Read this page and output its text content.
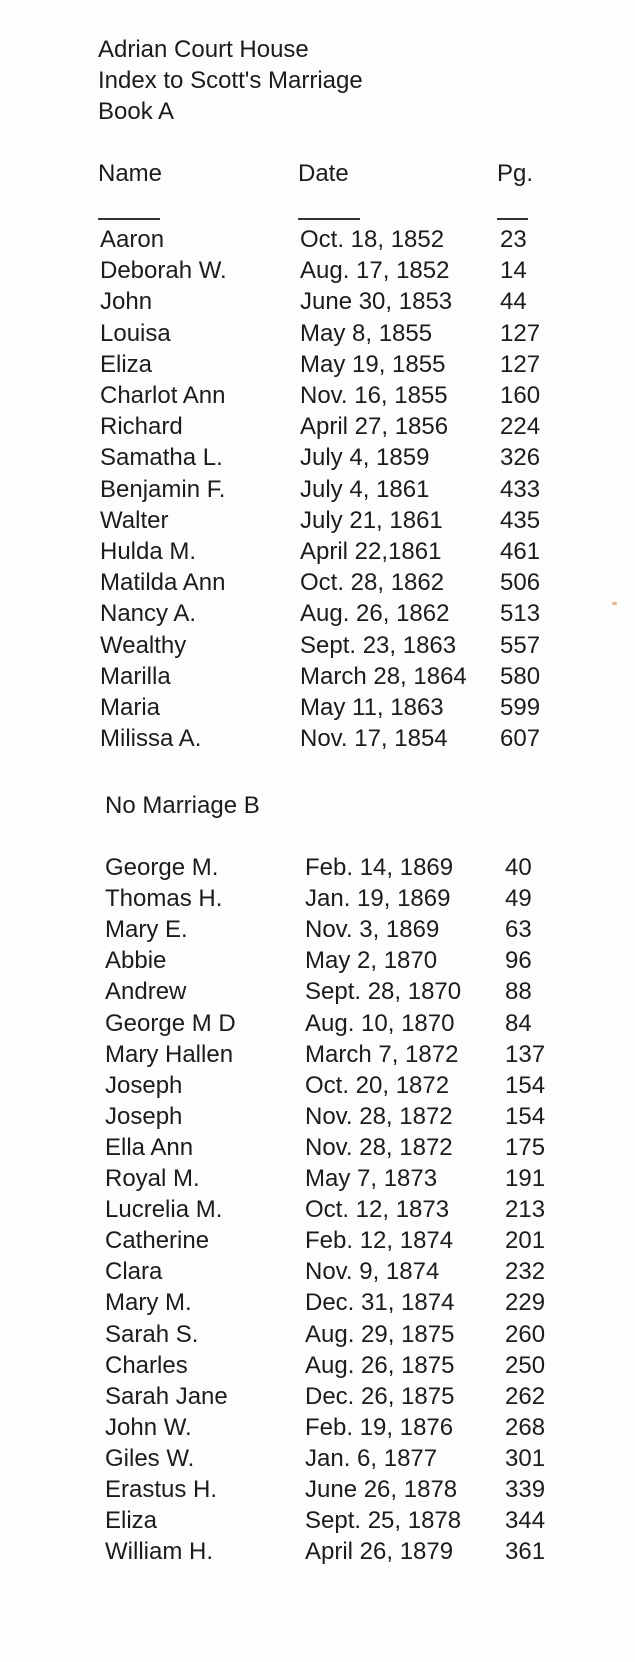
Adrian Court House
Index to Scott's Marriage
Book A
Name	Date	Pg.
Aaron	Oct. 18, 1852 23
Deborah W.	Aug. 17, 1852 14
John	June 30, 1853 44
Louisa	May 8, 1855	127
Eliza	May 19, 1855 127
Charlot Ann	Nov. 16, 1855 160
Richard	April 27, 1856 224
Samatha L.	July 4, 1859	326
Benjamin F.	July 4, 1861	433
Walter	July 21, 1861 435
Hulda M.	April 22,1861 461
Matilda Ann	Oct. 28, 1862 506
Nancy A.	Aug. 26, 1862 513
Wealthy	Sept. 23, 1863 557
Marilla	March 28, 1864 580
Maria	May 11, 1863 599
Milissa A.	Nov. 17, 1854 607
No Marriage B
George M.	Feb. 14, 1869 40
Thomas H.	Jan. 19, 1869 49
Mary E.	Nov. 3, 1869	63
Abbie	May 2, 1870	96
Andrew	Sept. 28, 1870 88
George M D	Aug. 10, 1870 84
Mary Hallen	March 7, 1872 137
Joseph	Oct. 20, 1872 154
Joseph	Nov. 28, 1872 154
Ella Ann	Nov. 28, 1872 175
Royal M.	May 7, 1873	191
Lucrelia M.	Oct. 12, 1873 213
Catherine	Feb. 12, 1874 201
Clara	Nov. 9, 1874	232
Mary M.	Dec. 31, 1874 229
Sarah S.	Aug. 29, 1875 260
Charles	Aug. 26, 1875 250
Sarah Jane	Dec. 26, 1875 262
John W.	Feb. 19, 1876 268
Giles W.	Jan. 6, 1877	301
Erastus H.	June 26, 1878 339
Eliza	Sept. 25, 1878 344
William H.	April 26, 1879 361
